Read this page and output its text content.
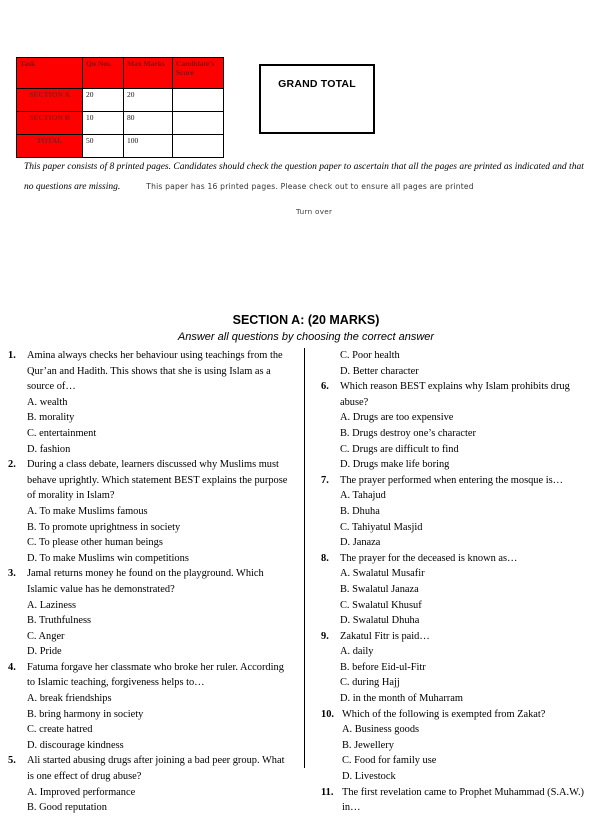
Task	Qn Nos.	Max Marks	Candidate's Score
SECTION A	20	20	
SECTION B	10	80	
TOTAL	50	100	
GRAND TOTAL
This paper consists of 8 printed pages. Candidates should check the question paper to ascertain that all the pages are printed as indicated and that no questions are missing.	This paper has 16 printed pages. Please check out to ensure all pages are printed
Turn over
SECTION A: (20 MARKS)
Answer all questions by choosing the correct answer
1.	Amina always checks her behaviour using teachings from the Qur’an and Hadith. This shows that she is using Islam as a source of…
A. wealth
B. morality
C. entertainment
D. fashion
2.	During a class debate, learners discussed why Muslims must behave uprightly. Which statement BEST explains the purpose of morality in Islam?
A. To make Muslims famous
B. To promote uprightness in society
C. To please other human beings
D. To make Muslims win competitions
3.	Jamal returns money he found on the playground. Which Islamic value has he demonstrated?
A. Laziness
B. Truthfulness
C. Anger
D. Pride
4.	Fatuma forgave her classmate who broke her ruler. According to Islamic teaching, forgiveness helps to…
A. break friendships
B. bring harmony in society
C. create hatred
D. discourage kindness
5.	Ali started abusing drugs after joining a bad peer group. What is one effect of drug abuse?
A. Improved performance
B. Good reputation
C. Poor health
D. Better character
6.	Which reason BEST explains why Islam prohibits drug abuse?
A. Drugs are too expensive
B. Drugs destroy one’s character
C. Drugs are difficult to find
D. Drugs make life boring
7.	The prayer performed when entering the mosque is…
A. Tahajud
B. Dhuha
C. Tahiyatul Masjid
D. Janaza
8.	The prayer for the deceased is known as…
A. Swalatul Musafir
B. Swalatul Janaza
C. Swalatul Khusuf
D. Swalatul Dhuha
9.	Zakatul Fitr is paid…
A. daily
B. before Eid-ul-Fitr
C. during Hajj
D. in the month of Muharram
10. Which of the following is exempted from Zakat?
A. Business goods
B. Jewellery
C. Food for family use
D. Livestock
11. The first revelation came to Prophet Muhammad (S.A.W.) in…
